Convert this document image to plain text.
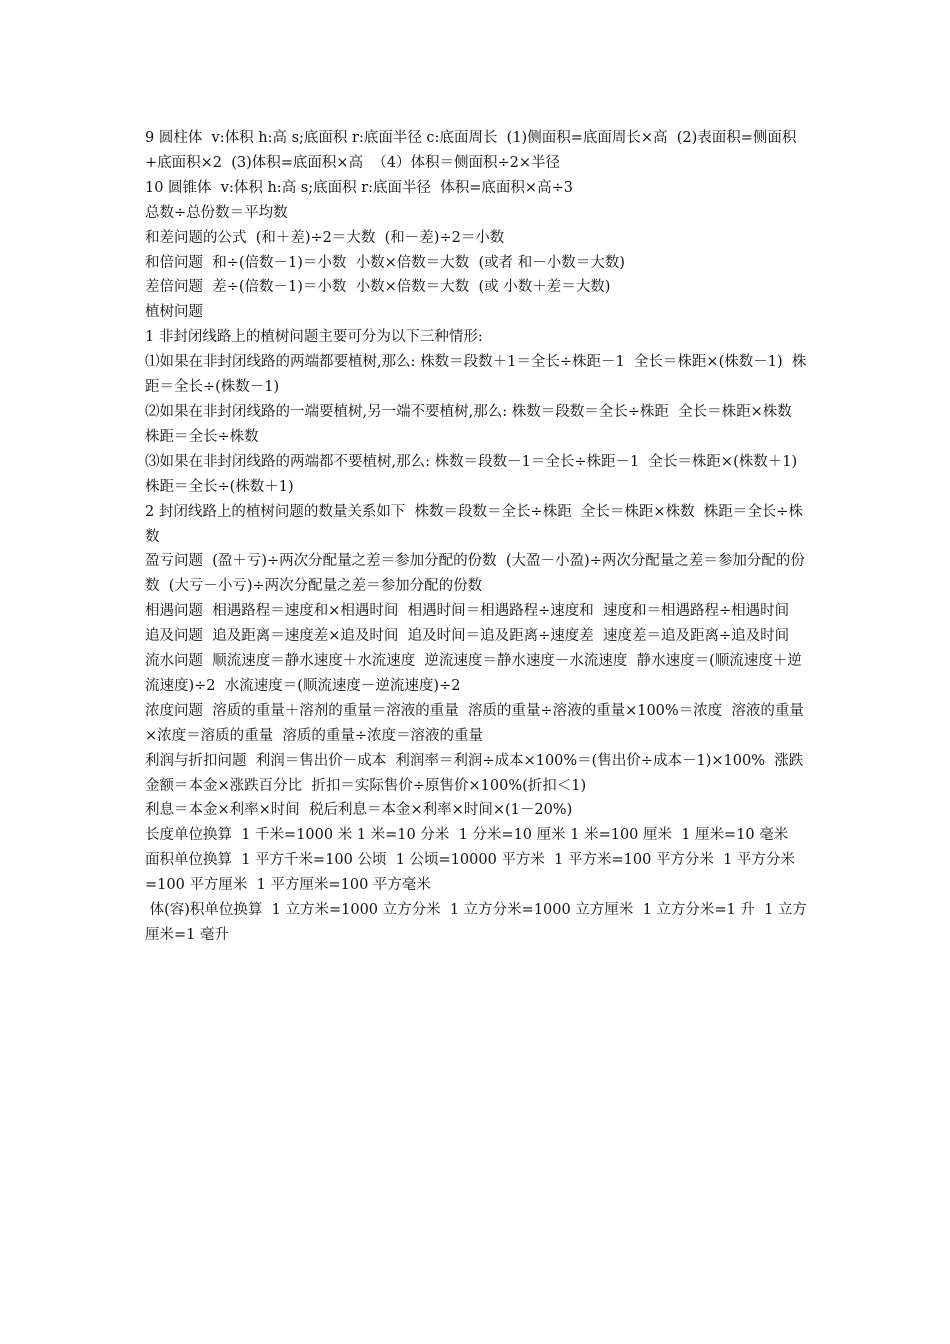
9 圆柱体  v:体积 h:高 s;底面积 r:底面半径 c:底面周长  (1)侧面积=底面周长×高  (2)表面积=侧面积+底面积×2  (3)体积=底面积×高  （4）体积＝侧面积÷2×半径

10 圆锥体  v:体积 h:高 s;底面积 r:底面半径  体积=底面积×高÷3

总数÷总份数＝平均数

和差问题的公式  (和＋差)÷2＝大数  (和－差)÷2＝小数

和倍问题  和÷(倍数－1)＝小数  小数×倍数＝大数  (或者 和－小数＝大数)

差倍问题  差÷(倍数－1)＝小数  小数×倍数＝大数  (或 小数＋差＝大数)

植树问题

1 非封闭线路上的植树问题主要可分为以下三种情形:

⑴如果在非封闭线路的两端都要植树,那么: 株数＝段数＋1＝全长÷株距－1  全长＝株距×(株数－1)  株距＝全长÷(株数－1)

⑵如果在非封闭线路的一端要植树,另一端不要植树,那么: 株数＝段数＝全长÷株距  全长＝株距×株数  株距＝全长÷株数

⑶如果在非封闭线路的两端都不要植树,那么: 株数＝段数－1＝全长÷株距－1  全长＝株距×(株数＋1)  株距＝全长÷(株数＋1)

2 封闭线路上的植树问题的数量关系如下  株数＝段数＝全长÷株距  全长＝株距×株数  株距＝全长÷株数

盈亏问题  (盈＋亏)÷两次分配量之差＝参加分配的份数  (大盈－小盈)÷两次分配量之差＝参加分配的份数  (大亏－小亏)÷两次分配量之差＝参加分配的份数

相遇问题  相遇路程＝速度和×相遇时间  相遇时间＝相遇路程÷速度和  速度和＝相遇路程÷相遇时间

追及问题  追及距离＝速度差×追及时间  追及时间＝追及距离÷速度差  速度差＝追及距离÷追及时间

流水问题  顺流速度＝静水速度＋水流速度  逆流速度＝静水速度－水流速度  静水速度＝(顺流速度＋逆流速度)÷2  水流速度＝(顺流速度－逆流速度)÷2

浓度问题  溶质的重量＋溶剂的重量＝溶液的重量  溶质的重量÷溶液的重量×100%＝浓度  溶液的重量×浓度＝溶质的重量  溶质的重量÷浓度＝溶液的重量

利润与折扣问题  利润＝售出价－成本  利润率＝利润÷成本×100%＝(售出价÷成本－1)×100%  涨跌金额＝本金×涨跌百分比  折扣＝实际售价÷原售价×100%(折扣＜1)

利息＝本金×利率×时间  税后利息＝本金×利率×时间×(1－20%)

长度单位换算  1 千米=1000 米 1 米=10 分米  1 分米=10 厘米 1 米=100 厘米  1 厘米=10 毫米

面积单位换算  1 平方千米=100 公顷  1 公顷=10000 平方米  1 平方米=100 平方分米  1 平方分米=100 平方厘米  1 平方厘米=100 平方毫米

体(容)积单位换算  1 立方米=1000 立方分米  1 立方分米=1000 立方厘米  1 立方分米=1 升  1 立方厘米=1 毫升
